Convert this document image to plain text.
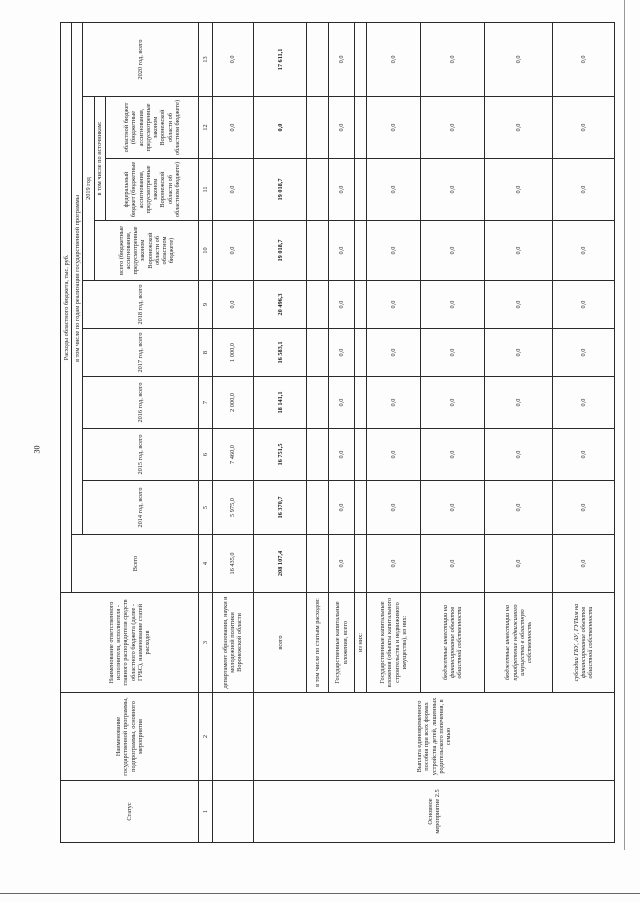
30
Статус	Наименование государственной программы, подпрограммы, основного мероприятия	Наименование ответственного исполнителя, исполнителя - главного распорядителя средств областного бюджета (далее - ГРБС), наименование статей расходов	Расходы областного бюджета, тыс. руб.									
			Всего	в том числе по годам реализации государственной программы								
				2014 год, всего	2015 год, всего	2016 год, всего	2017 год, всего	2018 год, всего	2019 год			2020 год, всего
									всего (бюджетные ассигнования, предусмотренные законом Воронежской области об областном бюджете)	в том числе по источникам:		
										федеральный бюджет (бюджетные ассигнования, предусмотренные законом Воронежской области об областном бюджете)	областной бюджет (бюджетные ассигнования, предусмотренные законом Воронежской области об областном бюджете)	
1	2	3	4	5	6	7	8	9	10	11	12	13
		департамент образования, науки и молодежной политики Воронежской области	16 435,0	5 975,0	7 460,0	2 000,0	1 000,0	0,0	0,0	0,0	0,0	0,0
Основное мероприятие 2.5	Выплата единовременного пособия при всех формах устройства детей, лишенных родительского попечения, в семью	всего	208 107,4	16 370,7	16 751,5	18 141,1	16 583,1	20 496,3	19 018,7	19 018,7	0,0	17 611,1
		в том числе по статьям расходов:										
		Государственные капитальные вложения, всего	0,0	0,0	0,0	0,0	0,0	0,0	0,0	0,0	0,0	0,0
		из них:										
		Государственные капитальные вложения (объекты капитального строительства и недвижимого имущества), из них:	0,0	0,0	0,0	0,0	0,0	0,0	0,0	0,0	0,0	0,0
		бюджетные инвестиции на финансирование объектов областной собственности	0,0	0,0	0,0	0,0	0,0	0,0	0,0	0,0	0,0	0,0
		бюджетные инвестиции на приобретение недвижимого имущества в областную собственность	0,0	0,0	0,0	0,0	0,0	0,0	0,0	0,0	0,0	0,0
		субсидии ГБУ, АУ, ГУПам на финансирование объектов областной собственности	0,0	0,0	0,0	0,0	0,0	0,0	0,0	0,0	0,0	0,0
